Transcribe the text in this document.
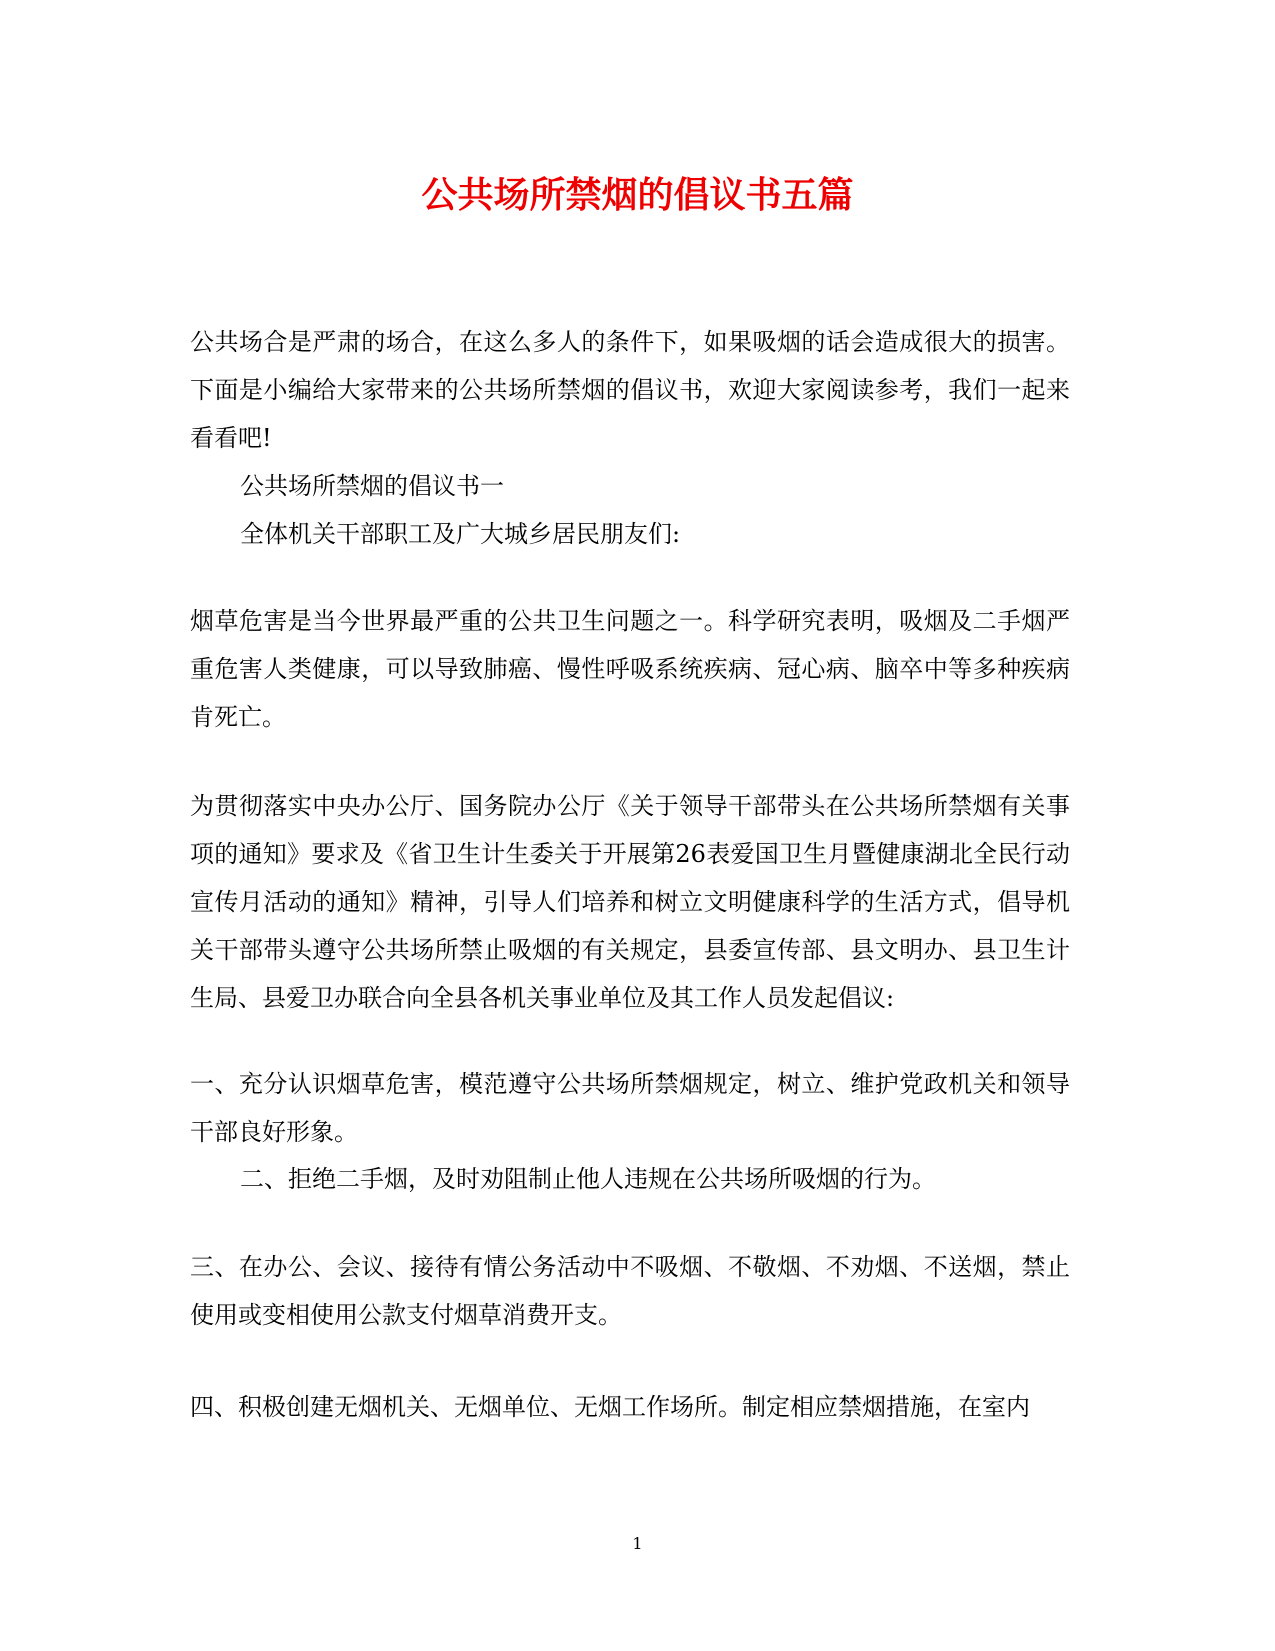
公共场所禁烟的倡议书五篇

公共场合是严肃的场合，在这么多人的条件下，如果吸烟的话会造成很大的损害。下面是小编给大家带来的公共场所禁烟的倡议书，欢迎大家阅读参考，我们一起来看看吧!

公共场所禁烟的倡议书一

全体机关干部职工及广大城乡居民朋友们:

烟草危害是当今世界最严重的公共卫生问题之一。科学研究表明，吸烟及二手烟严重危害人类健康，可以导致肺癌、慢性呼吸系统疾病、冠心病、脑卒中等多种疾病肯死亡。

为贯彻落实中央办公厅、国务院办公厅《关于领导干部带头在公共场所禁烟有关事项的通知》要求及《省卫生计生委关于开展第26表爱国卫生月暨健康湖北全民行动宣传月活动的通知》精神，引导人们培养和树立文明健康科学的生活方式，倡导机关干部带头遵守公共场所禁止吸烟的有关规定，县委宣传部、县文明办、县卫生计生局、县爱卫办联合向全县各机关事业单位及其工作人员发起倡议:

一、充分认识烟草危害，模范遵守公共场所禁烟规定，树立、维护党政机关和领导干部良好形象。

二、拒绝二手烟，及时劝阻制止他人违规在公共场所吸烟的行为。

三、在办公、会议、接待有情公务活动中不吸烟、不敬烟、不劝烟、不送烟，禁止使用或变相使用公款支付烟草消费开支。

四、积极创建无烟机关、无烟单位、无烟工作场所。制定相应禁烟措施，在室内

1
